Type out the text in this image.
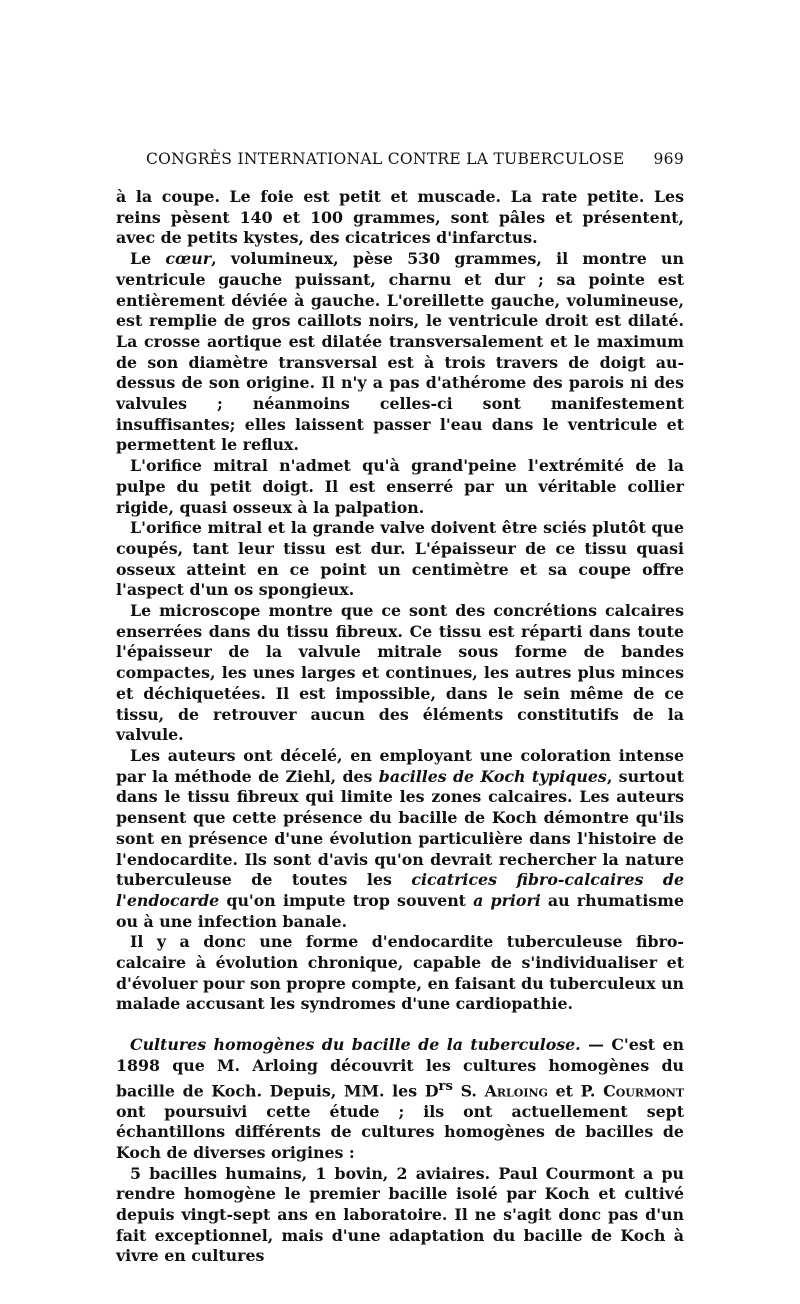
CONGRÈS INTERNATIONAL CONTRE LA TUBERCULOSE 969

à la coupe. Le foie est petit et muscade. La rate petite. Les reins pèsent 140 et 100 grammes, sont pâles et présentent, avec de petits kystes, des cicatrices d'infarctus.

Le cœur, volumineux, pèse 530 grammes, il montre un ventricule gauche puissant, charnu et dur ; sa pointe est entièrement déviée à gauche. L'oreillette gauche, volumineuse, est remplie de gros caillots noirs, le ventricule droit est dilaté. La crosse aortique est dilatée transversalement et le maximum de son diamètre transversal est à trois travers de doigt au-dessus de son origine. Il n'y a pas d'athérome des parois ni des valvules ; néanmoins celles-ci sont manifestement insuffisantes; elles laissent passer l'eau dans le ventricule et permettent le reflux.

L'orifice mitral n'admet qu'à grand'peine l'extrémité de la pulpe du petit doigt. Il est enserré par un véritable collier rigide, quasi osseux à la palpation.

L'orifice mitral et la grande valve doivent être sciés plutôt que coupés, tant leur tissu est dur. L'épaisseur de ce tissu quasi osseux atteint en ce point un centimètre et sa coupe offre l'aspect d'un os spongieux.

Le microscope montre que ce sont des concrétions calcaires enserrées dans du tissu fibreux. Ce tissu est réparti dans toute l'épaisseur de la valvule mitrale sous forme de bandes compactes, les unes larges et continues, les autres plus minces et déchiquetées. Il est impossible, dans le sein même de ce tissu, de retrouver aucun des éléments constitutifs de la valvule.

Les auteurs ont décelé, en employant une coloration intense par la méthode de Ziehl, des bacilles de Koch typiques, surtout dans le tissu fibreux qui limite les zones calcaires. Les auteurs pensent que cette présence du bacille de Koch démontre qu'ils sont en présence d'une évolution particulière dans l'histoire de l'endocardite. Ils sont d'avis qu'on devrait rechercher la nature tuberculeuse de toutes les cicatrices fibro-calcaires de l'endocarde qu'on impute trop souvent a priori au rhumatisme ou à une infection banale.

Il y a donc une forme d'endocardite tuberculeuse fibro-calcaire à évolution chronique, capable de s'individualiser et d'évoluer pour son propre compte, en faisant du tuberculeux un malade accusant les syndromes d'une cardiopathie.

Cultures homogènes du bacille de la tuberculose. — C'est en 1898 que M. Arloing découvrit les cultures homogènes du bacille de Koch. Depuis, MM. les $D^{rs}$ S. Arloing et P. Courmont ont poursuivi cette étude ; ils ont actuellement sept échantillons différents de cultures homogènes de bacilles de Koch de diverses origines :

5 bacilles humains, 1 bovin, 2 aviaires. Paul Courmont a pu rendre homogène le premier bacille isolé par Koch et cultivé depuis vingt-sept ans en laboratoire. Il ne s'agit donc pas d'un fait exceptionnel, mais d'une adaptation du bacille de Koch à vivre en cultures
